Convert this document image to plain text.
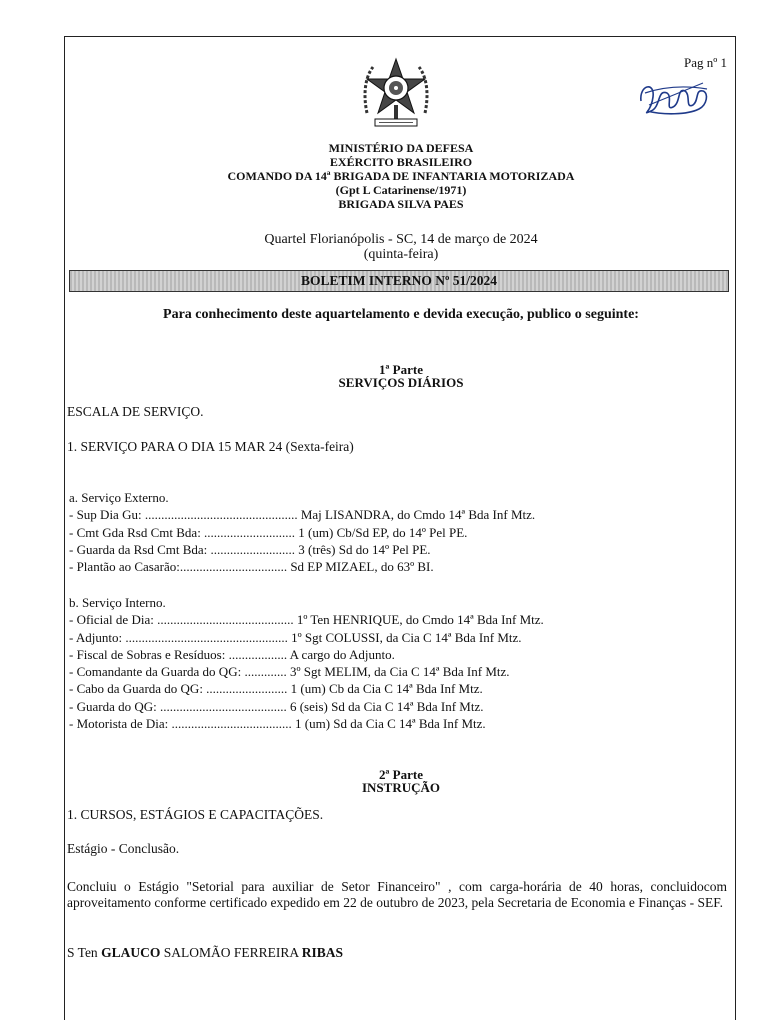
Pag nº 1
MINISTÉRIO DA DEFESA
EXÉRCITO BRASILEIRO
COMANDO DA 14ª BRIGADA DE INFANTARIA MOTORIZADA
(Gpt L Catarinense/1971)
BRIGADA SILVA PAES
Quartel Florianópolis - SC, 14 de março de 2024
(quinta-feira)
BOLETIM INTERNO Nº 51/2024
Para conhecimento deste aquartelamento e devida execução, publico o seguinte:
1ª Parte
SERVIÇOS DIÁRIOS
ESCALA DE SERVIÇO.
1. SERVIÇO PARA O DIA 15 MAR 24 (Sexta-feira)
a. Serviço Externo.
- Sup Dia Gu: ............................................... Maj LISANDRA, do Cmdo 14ª Bda Inf Mtz.
- Cmt Gda Rsd Cmt Bda: ............................ 1 (um) Cb/Sd EP, do 14º Pel PE.
- Guarda da Rsd Cmt Bda: .......................... 3 (três) Sd do 14º Pel PE.
- Plantão ao Casarão:................................. Sd EP MIZAEL, do 63º BI.
b. Serviço Interno.
- Oficial de Dia: .......................................... 1º Ten HENRIQUE, do Cmdo 14ª Bda Inf Mtz.
- Adjunto: .................................................. 1º Sgt COLUSSI, da Cia C 14ª Bda Inf Mtz.
- Fiscal de Sobras e Resíduos: .................. A cargo do Adjunto.
- Comandante da Guarda do QG: ............. 3º Sgt MELIM, da Cia C 14ª Bda Inf Mtz.
- Cabo da Guarda do QG: ......................... 1 (um) Cb da Cia C 14ª Bda Inf Mtz.
- Guarda do QG: ....................................... 6 (seis) Sd da Cia C 14ª Bda Inf Mtz.
- Motorista de Dia: ..................................... 1 (um) Sd da Cia C 14ª Bda Inf Mtz.
2ª Parte
INSTRUÇÃO
1. CURSOS, ESTÁGIOS E CAPACITAÇÕES.
Estágio - Conclusão.
Concluiu o Estágio "Setorial para auxiliar de Setor Financeiro" , com carga-horária de 40 horas, concluidocom aproveitamento conforme certificado expedido em 22 de outubro de 2023, pela Secretaria de Economia e Finanças - SEF.
S Ten GLAUCO SALOMÃO FERREIRA RIBAS
